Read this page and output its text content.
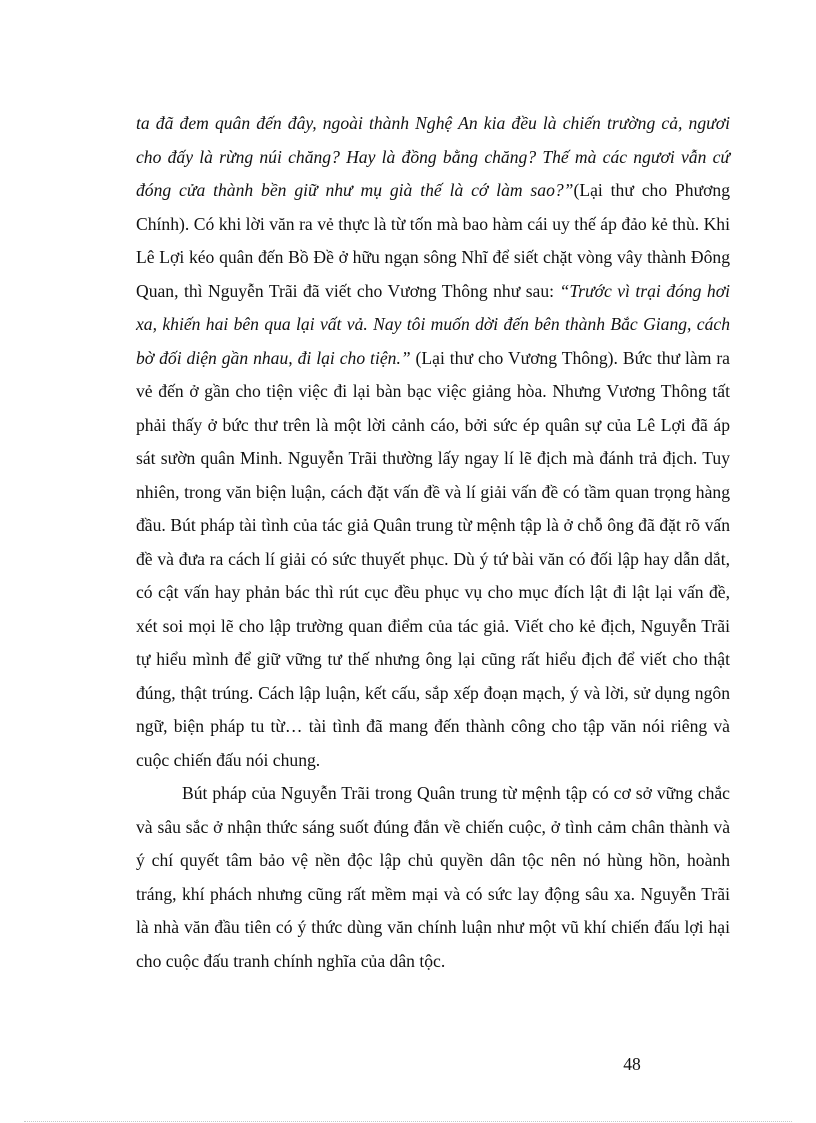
ta đã đem quân đến đây, ngoài thành Nghệ An kia đều là chiến trường cả, ngươi cho đấy là rừng núi chăng? Hay là đồng bằng chăng? Thế mà các ngươi vẫn cứ đóng cửa thành bền giữ như mụ già thế là cớ làm sao?”(Lại thư cho Phương Chính). Có khi lời văn ra vẻ thực là từ tốn mà bao hàm cái uy thế áp đảo kẻ thù. Khi Lê Lợi kéo quân đến Bồ Đề ở hữu ngạn sông Nhĩ để siết chặt vòng vây thành Đông Quan, thì Nguyễn Trãi đã viết cho Vương Thông như sau: “Trước vì trại đóng hơi xa, khiến hai bên qua lại vất vả. Nay tôi muốn dời đến bên thành Bắc Giang, cách bờ đối diện gần nhau, đi lại cho tiện.” (Lại thư cho Vương Thông). Bức thư làm ra vẻ đến ở gần cho tiện việc đi lại bàn bạc việc giảng hòa. Nhưng Vương Thông tất phải thấy ở bức thư trên là một lời cảnh cáo, bởi sức ép quân sự của Lê Lợi đã áp sát sườn quân Minh. Nguyễn Trãi thường lấy ngay lí lẽ địch mà đánh trả địch. Tuy nhiên, trong văn biện luận, cách đặt vấn đề và lí giải vấn đề có tầm quan trọng hàng đầu. Bút pháp tài tình của tác giả Quân trung từ mệnh tập là ở chỗ ông đã đặt rõ vấn đề và đưa ra cách lí giải có sức thuyết phục. Dù ý tứ bài văn có đối lập hay dẫn dắt, có cật vấn hay phản bác thì rút cục đều phục vụ cho mục đích lật đi lật lại vấn đề, xét soi mọi lẽ cho lập trường quan điểm của tác giả. Viết cho kẻ địch, Nguyễn Trãi tự hiểu mình để giữ vững tư thế nhưng ông lại cũng rất hiểu địch để viết cho thật đúng, thật trúng. Cách lập luận, kết cấu, sắp xếp đoạn mạch, ý và lời, sử dụng ngôn ngữ, biện pháp tu từ… tài tình đã mang đến thành công cho tập văn nói riêng và cuộc chiến đấu nói chung.

Bút pháp của Nguyễn Trãi trong Quân trung từ mệnh tập có cơ sở vững chắc và sâu sắc ở nhận thức sáng suốt đúng đắn về chiến cuộc, ở tình cảm chân thành và ý chí quyết tâm bảo vệ nền độc lập chủ quyền dân tộc nên nó hùng hồn, hoành tráng, khí phách nhưng cũng rất mềm mại và có sức lay động sâu xa. Nguyễn Trãi là nhà văn đầu tiên có ý thức dùng văn chính luận như một vũ khí chiến đấu lợi hại cho cuộc đấu tranh chính nghĩa của dân tộc.

48
